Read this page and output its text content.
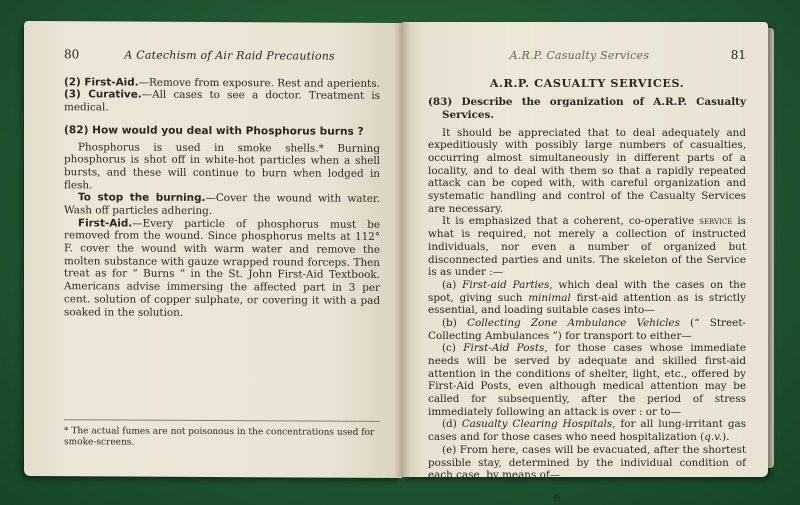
80	A Catechism of Air Raid Precautions

(2) First-Aid.—Remove from exposure. Rest and aperients.

(3) Curative.—All cases to see a doctor. Treatment is medical.

(82) How would you deal with Phosphorus burns ?

Phosphorus is used in smoke shells.* Burning phosphorus is shot off in white-hot particles when a shell bursts, and these will continue to burn when lodged in flesh.

To stop the burning.—Cover the wound with water. Wash off particles adhering.

First-Aid.—Every particle of phosphorus must be removed from the wound. Since phosphorus melts at 112° F. cover the wound with warm water and remove the molten substance with gauze wrapped round forceps. Then treat as for “ Burns ” in the St. John First-Aid Textbook. Americans advise immersing the affected part in 3 per cent. solution of copper sulphate, or covering it with a pad soaked in the solution.

* The actual fumes are not poisonous in the concentrations used for smoke-screens.
A.R.P. Casualty Services	81
A.R.P. CASUALTY SERVICES.

(83) Describe the organization of A.R.P. Casualty Services.

It should be appreciated that to deal adequately and expeditiously with possibly large numbers of casualties, occurring almost simultaneously in different parts of a locality, and to deal with them so that a rapidly repeated attack can be coped with, with careful organization and systematic handling and control of the Casualty Services are necessary.

It is emphasized that a coherent, co-operative service is what is required, not merely a collection of instructed individuals, nor even a number of organized but disconnected parties and units. The skeleton of the Service is as under :—

(a) First-aid Parties, which deal with the cases on the spot, giving such minimal first-aid attention as is strictly essential, and loading suitable cases into—

(b) Collecting Zone Ambulance Vehicles (“ Street-Collecting Ambulances ”) for transport to either—

(c) First-Aid Posts, for those cases whose immediate needs will be served by adequate and skilled first-aid attention in the conditions of shelter, light, etc., offered by First-Aid Posts, even although medical attention may be called for subsequently, after the period of stress immediately following an attack is over : or to—

(d) Casualty Clearing Hospitals, for all lung-irritant gas cases and for those cases who need hospitalization (q.v.).

(e) From here, cases will be evacuated, after the shortest possible stay, determined by the individual condition of each case, by means of—

6
